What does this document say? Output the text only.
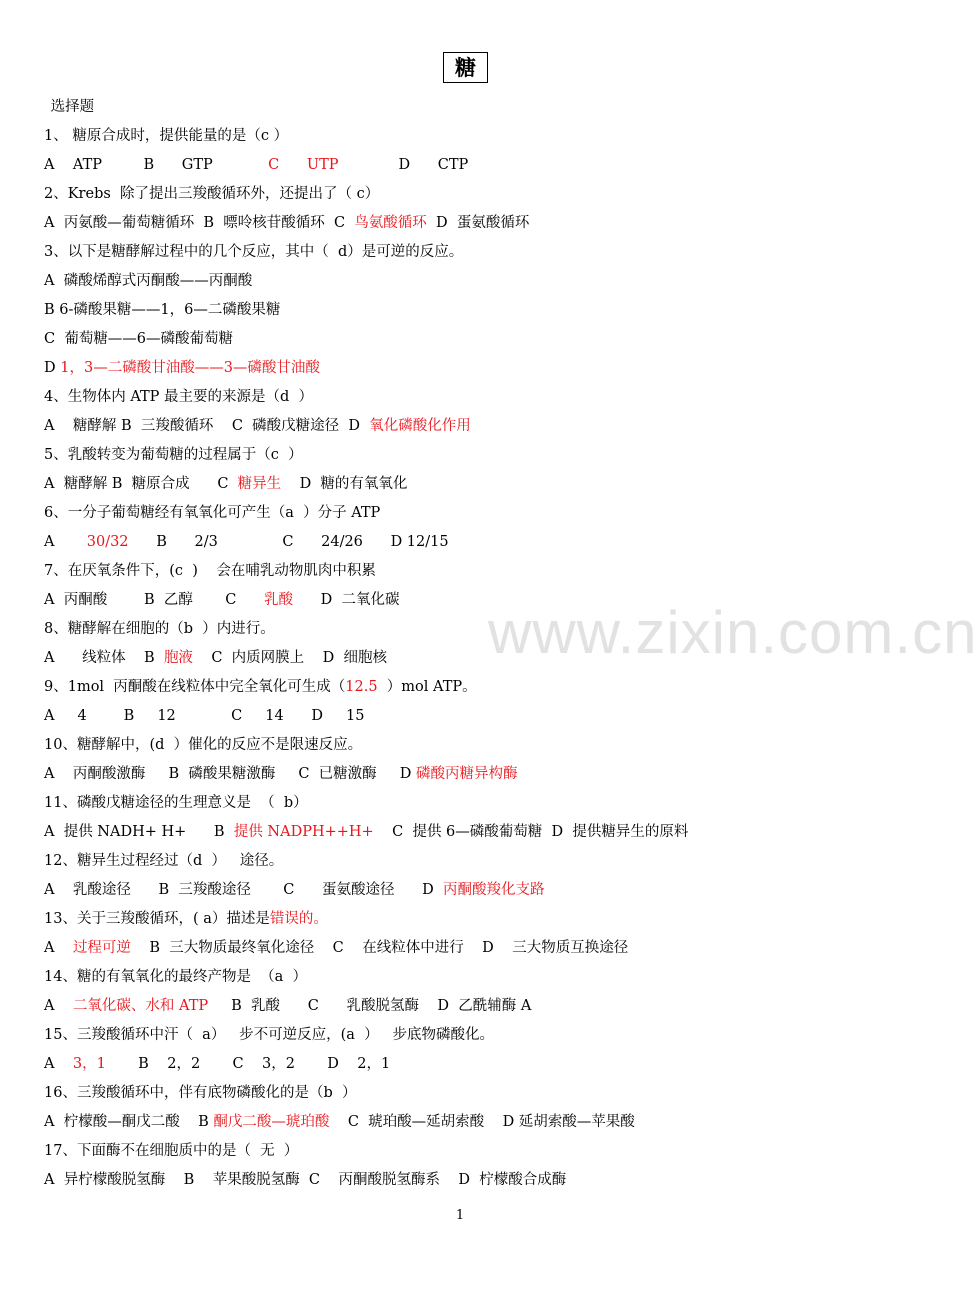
www.zixin.com.cn
糖
选择题
1、 糖原合成时，提供能量的是（c ）
A    ATP         B      GTP            C      UTP             D      CTP
2、Krebs  除了提出三羧酸循环外，还提出了（ c）
A  丙氨酸—葡萄糖循环  B  嘌呤核苷酸循环  C  鸟氨酸循环  D  蛋氨酸循环
3、以下是糖酵解过程中的几个反应，其中（  d）是可逆的反应。
A  磷酸烯醇式丙酮酸——丙酮酸
B 6-磷酸果糖——1，6—二磷酸果糖
C  葡萄糖——6—磷酸葡萄糖
D 1，3—二磷酸甘油酸——3—磷酸甘油酸
4、生物体内 ATP 最主要的来源是（d  ）
A    糖酵解 B  三羧酸循环    C  磷酸戊糖途径  D  氧化磷酸化作用
5、乳酸转变为葡萄糖的过程属于（c  ）
A  糖酵解 B  糖原合成      C  糖异生    D  糖的有氧氧化
6、一分子葡萄糖经有氧氧化可产生（a  ）分子 ATP
A       30/32      B      2/3              C      24/26      D 12/15
7、在厌氧条件下，(c  )    会在哺乳动物肌肉中积累
A  丙酮酸        B  乙醇       C      乳酸      D  二氧化碳
8、糖酵解在细胞的（b  ）内进行。
A      线粒体    B  胞液    C  内质网膜上    D  细胞核
9、1mol  丙酮酸在线粒体中完全氧化可生成（12.5  ）mol ATP。
A     4        B     12            C     14      D     15
10、糖酵解中，(d  ）催化的反应不是限速反应。
A    丙酮酸激酶     B  磷酸果糖激酶     C  已糖激酶     D 磷酸丙糖异构酶
11、磷酸戊糖途径的生理意义是  （  b）
A  提供 NADH+ H+      B  提供 NADPH++H+    C  提供 6—磷酸葡萄糖  D  提供糖异生的原料
12、糖异生过程经过（d  ）   途径。
A    乳酸途径      B  三羧酸途径       C      蛋氨酸途径      D  丙酮酸羧化支路
13、关于三羧酸循环，( a）描述是错误的。
A    过程可逆    B  三大物质最终氧化途径    C    在线粒体中进行    D    三大物质互换途径
14、糖的有氧氧化的最终产物是  （a  ）
A    二氧化碳、水和 ATP     B  乳酸      C      乳酸脱氢酶    D  乙酰辅酶 A
15、三羧酸循环中汗（  a）   步不可逆反应，(a  ）   步底物磷酸化。
A    3，1       B    2，2       C    3，2       D    2，1
16、三羧酸循环中，伴有底物磷酸化的是（b  ）
A  柠檬酸—酮戊二酸    B 酮戊二酸—琥珀酸    C  琥珀酸—延胡索酸    D 延胡索酸—苹果酸
17、下面酶不在细胞质中的是（  无  ）
A  异柠檬酸脱氢酶    B    苹果酸脱氢酶  C    丙酮酸脱氢酶系    D  柠檬酸合成酶
1
